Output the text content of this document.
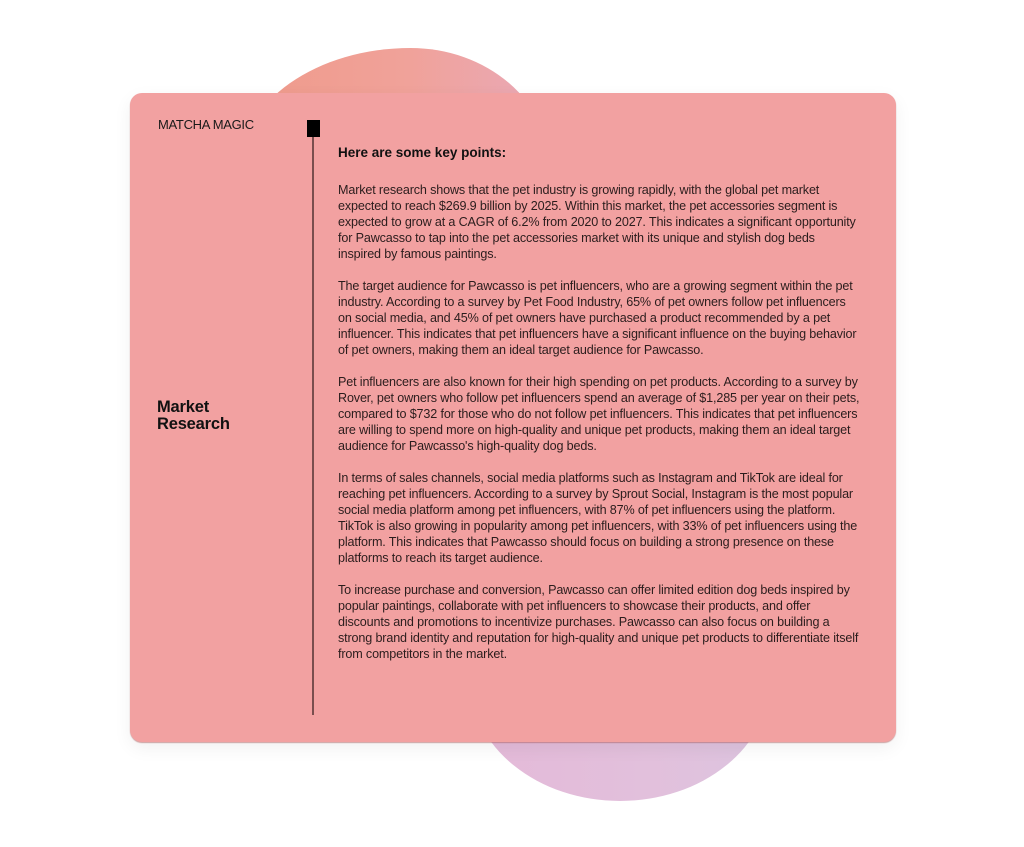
MATCHA MAGIC
Market
Research
Here are some key points:

Market research shows that the pet industry is growing rapidly, with the global pet market expected to reach $269.9 billion by 2025. Within this market, the pet accessories segment is expected to grow at a CAGR of 6.2% from 2020 to 2027. This indicates a significant opportunity for Pawcasso to tap into the pet accessories market with its unique and stylish dog beds inspired by famous paintings.

The target audience for Pawcasso is pet influencers, who are a growing segment within the pet industry. According to a survey by Pet Food Industry, 65% of pet owners follow pet influencers on social media, and 45% of pet owners have purchased a product recommended by a pet influencer. This indicates that pet influencers have a significant influence on the buying behavior of pet owners, making them an ideal target audience for Pawcasso.

Pet influencers are also known for their high spending on pet products. According to a survey by Rover, pet owners who follow pet influencers spend an average of $1,285 per year on their pets, compared to $732 for those who do not follow pet influencers. This indicates that pet influencers are willing to spend more on high-quality and unique pet products, making them an ideal target audience for Pawcasso's high-quality dog beds.

In terms of sales channels, social media platforms such as Instagram and TikTok are ideal for reaching pet influencers. According to a survey by Sprout Social, Instagram is the most popular social media platform among pet influencers, with 87% of pet influencers using the platform. TikTok is also growing in popularity among pet influencers, with 33% of pet influencers using the platform. This indicates that Pawcasso should focus on building a strong presence on these platforms to reach its target audience.

To increase purchase and conversion, Pawcasso can offer limited edition dog beds inspired by popular paintings, collaborate with pet influencers to showcase their products, and offer discounts and promotions to incentivize purchases. Pawcasso can also focus on building a strong brand identity and reputation for high-quality and unique pet products to differentiate itself from competitors in the market.
